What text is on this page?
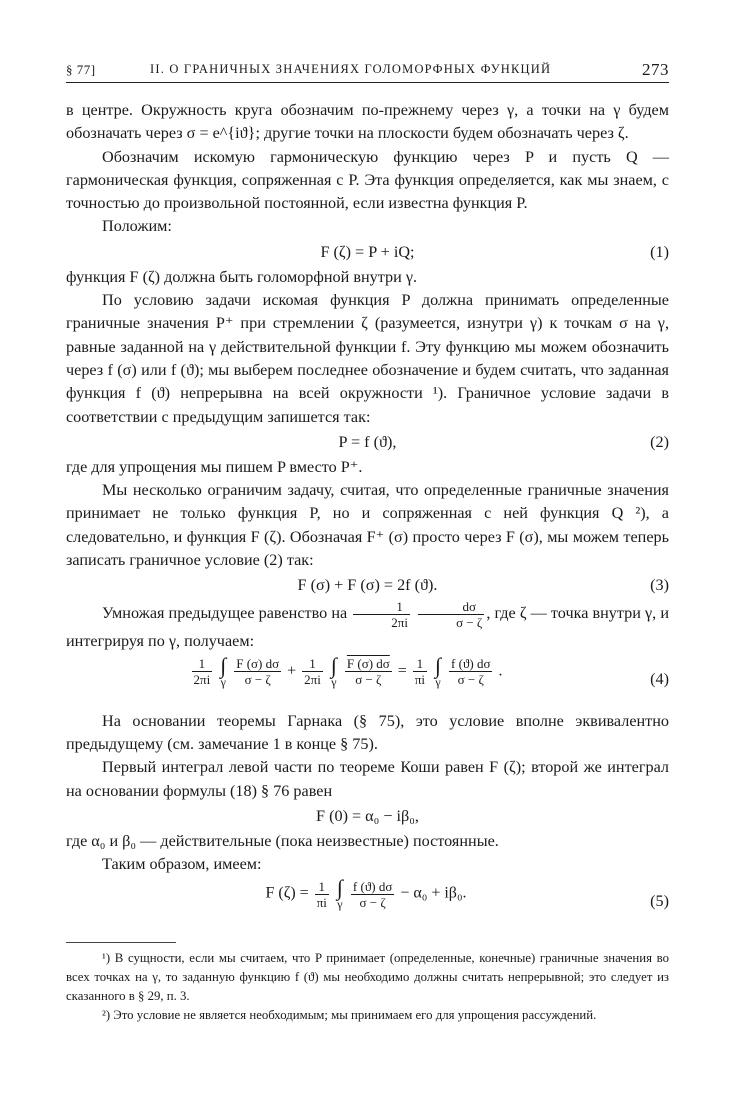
§ 77]	II. О ГРАНИЧНЫХ ЗНАЧЕНИЯХ ГОЛОМОРФНЫХ ФУНКЦИЙ	273

в центре. Окружность круга обозначим по-прежнему через γ, а точки на γ будем обозначать через σ = e^{iϑ}; другие точки на плоскости будем обозначать через ζ.

Обозначим искомую гармоническую функцию через P и пусть Q — гармоническая функция, сопряженная с P. Эта функция определяется, как мы знаем, с точностью до произвольной постоянной, если известна функция P.

Положим:

F (ζ) = P + iQ;	(1)

функция F (ζ) должна быть голоморфной внутри γ.

По условию задачи искомая функция P должна принимать определенные граничные значения P⁺ при стремлении ζ (разумеется, изнутри γ) к точкам σ на γ, равные заданной на γ действительной функции f. Эту функцию мы можем обозначить через f (σ) или f (ϑ); мы выберем последнее обозначение и будем считать, что заданная функция f (ϑ) непрерывна на всей окружности ¹). Граничное условие задачи в соответствии с предыдущим запишется так:

P = f (ϑ),	(2)

где для упрощения мы пишем P вместо P⁺.

Мы несколько ограничим задачу, считая, что определенные граничные значения принимает не только функция P, но и сопряженная с ней функция Q ²), а следовательно, и функция F (ζ). Обозначая F⁺ (σ) просто через F (σ), мы можем теперь записать граничное условие (2) так:

F (σ) + F (σ) = 2f (ϑ).	(3)

Умножая предыдущее равенство на $\frac{1}{2\pi i}$
$\frac{d\sigma}{\sigma - \zeta}$ , где ζ — точка внутри γ, и интегрируя по γ, получаем:

$\frac{1}{2\pi i}$ ∫
γ
$\frac{F (\sigma) d\sigma}{\sigma - \zeta} + \frac{1}{2\pi i}$ ∫
γ
$\frac{F (\sigma) d\sigma}{\sigma - \zeta} = \frac{1}{\pi i}$ ∫
γ
$\frac{f (ϑ) d\sigma}{\sigma - \zeta}$ .	(4)

На основании теоремы Гарнака (§ 75), это условие вполне эквивалентно предыдущему (см. замечание 1 в конце § 75).

Первый интеграл левой части по теореме Коши равен F (ζ); второй же интеграл на основании формулы (18) § 76 равен

F (0) = α₀ − iβ₀,

где α₀ и β₀ — действительные (пока неизвестные) постоянные.

Таким образом, имеем:

F $(\zeta) = \frac{1}{\pi i}$ ∫
γ
$\frac{f (ϑ) d\sigma}{\sigma - \zeta} - \alpha_0 + i\beta_0$.	(5)

¹) В сущности, если мы считаем, что P принимает (определенные, конечные) граничные значения во всех точках на γ, то заданную функцию f (ϑ) мы необходимо должны считать непрерывной; это следует из сказанного в § 29, п. 3.

²) Это условие не является необходимым; мы принимаем его для упрощения рассуждений.
